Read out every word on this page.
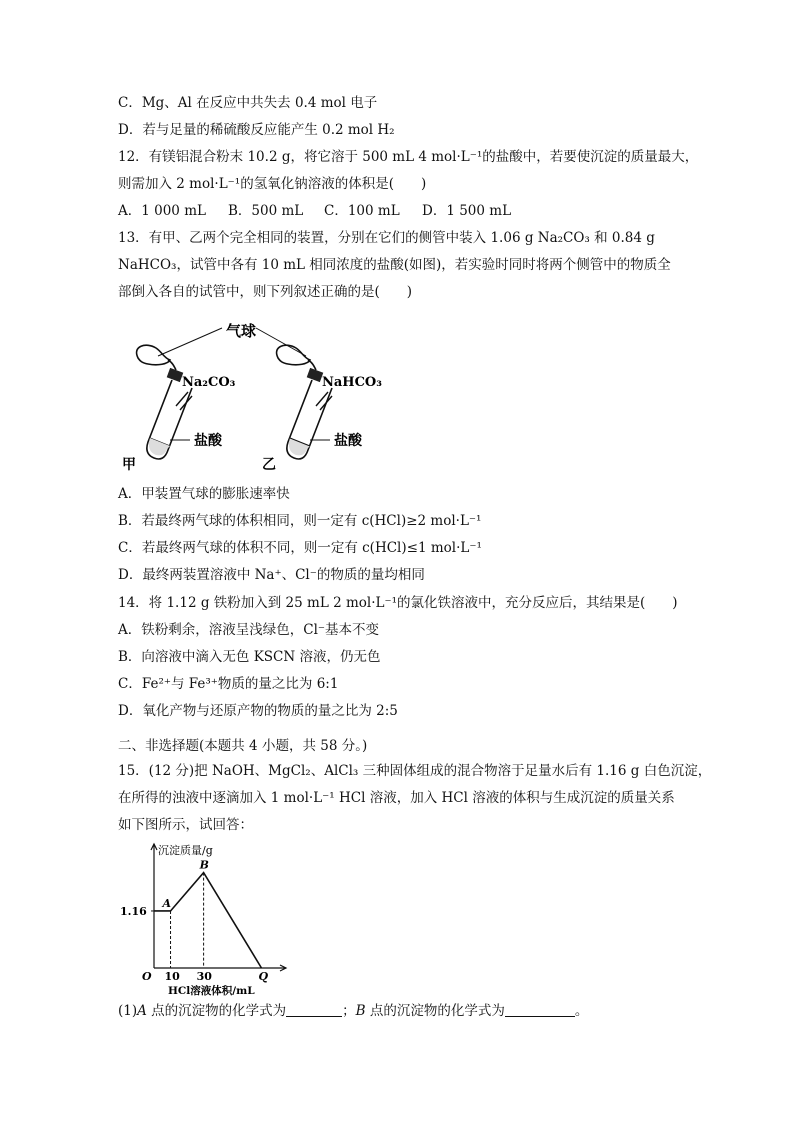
C．Mg、Al 在反应中共失去 0.4 mol 电子
D．若与足量的稀硫酸反应能产生 0.2 mol H₂
12．有镁铝混合粉末 10.2 g，将它溶于 500 mL 4 mol·L⁻¹的盐酸中，若要使沉淀的质量最大，
则需加入 2 mol·L⁻¹的氢氧化钠溶液的体积是(　　)
A．1 000 mL B．500 mL C．100 mL D．1 500 mL
13．有甲、乙两个完全相同的装置，分别在它们的侧管中装入 1.06 g Na₂CO₃ 和 0.84 g
NaHCO₃，试管中各有 10 mL 相同浓度的盐酸(如图)，若实验时同时将两个侧管中的物质全
部倒入各自的试管中，则下列叙述正确的是(　　)
气球
Na₂CO₃
盐酸
甲
NaHCO₃
盐酸
乙
A．甲装置气球的膨胀速率快
B．若最终两气球的体积相同，则一定有 c(HCl)≥2 mol·L⁻¹
C．若最终两气球的体积不同，则一定有 c(HCl)≤1 mol·L⁻¹
D．最终两装置溶液中 Na⁺、Cl⁻的物质的量均相同
14．将 1.12 g 铁粉加入到 25 mL 2 mol·L⁻¹的氯化铁溶液中，充分反应后，其结果是(　　)
A．铁粉剩余，溶液呈浅绿色，Cl⁻基本不变
B．向溶液中滴入无色 KSCN 溶液，仍无色
C．Fe²⁺与 Fe³⁺物质的量之比为 6:1
D．氧化产物与还原产物的物质的量之比为 2:5
二、非选择题(本题共 4 小题，共 58 分。)
15．(12 分)把 NaOH、MgCl₂、AlCl₃ 三种固体组成的混合物溶于足量水后有 1.16 g 白色沉淀，
在所得的浊液中逐滴加入 1 mol·L⁻¹ HCl 溶液，加入 HCl 溶液的体积与生成沉淀的质量关系
如下图所示，试回答：
沉淀质量/g
HCl溶液体积/mL
O
1.16
10 30	Q
A
B
(1)A 点的沉淀物的化学式为	；B 点的沉淀物的化学式为	。
